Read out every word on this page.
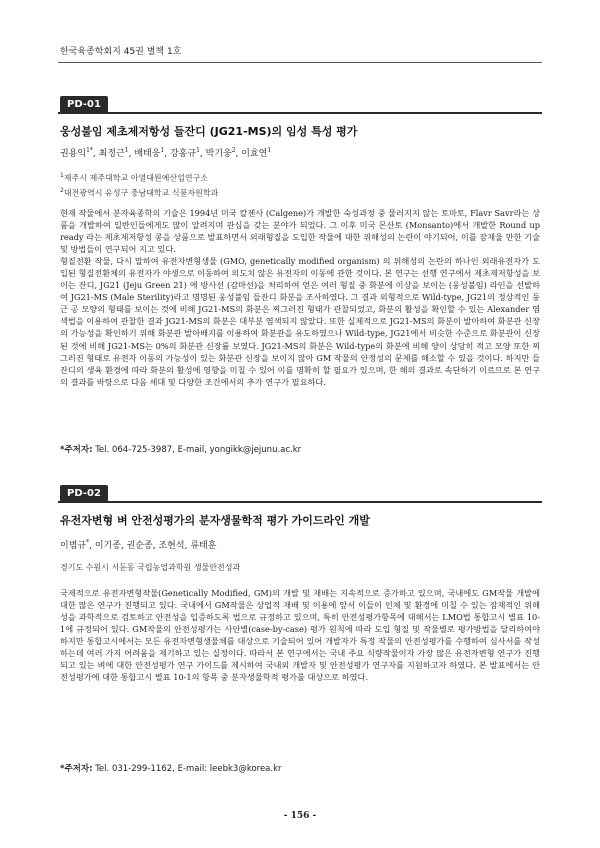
한국육종학회지 45권 별책 1호
PD-01
웅성불임 제초제저항성 들잔디 (JG21-MS)의 임성 특성 평가
권용익$^{1*}$, 최정근$^1$, 배태웅$^1$, 강홍규$^1$, 박기웅$^2$, 이효연$^1$
$^1$제주시 제주대학교 아열대원예산업연구소
$^2$대전광역시 유성구 충남대학교 식물자원학과

현재 작물에서 분자육종학의 기술은 1994년 미국 칼젠사 (Calgene)가 개발한 숙성과정 중 물러지지 않는 토마토, Flavr Savr라는 상품을 개발하여 일반인들에게도 많이 알려지며 관심을 갖는 분야가 되었다. 그 이후 미국 몬산토 (Monsanto)에서 개발한 Round up ready 라는 제초제저항성 콩을 상품으로 발표하면서 외래형질을 도입한 작물에 대한 위해성의 논란이 야기되어, 이를 잠재울 만한 기술 및 방법들이 연구되어 지고 있다.

형질전환 작물, 다시 말하여 유전자변형생물 (GMO, genetically modified organism) 의 위해성의 논란의 하나인 외래유전자가 도입된 형질전환체의 유전자가 야생으로 이동하여 의도치 않은 유전자의 이동에 관한 것이다. 본 연구는 선행 연구에서 제초제저항성을 보이는 잔디, JG21 (Jeju Green 21) 에 방사선 (감마선)을 처리하여 얻은 여러 형질 중 화분에 이상을 보이는 (웅성불임) 라인을 선발하여 JG21-MS (Male Sterility)라고 명명된 웅성불임 들잔디 화분을 조사하였다. 그 결과 외형적으로 Wild-type, JG21의 정상적인 둥근 공 모양의 형태를 보이는 것에 비해 JG21-MS의 화분은 찌그러진 형태가 관찰되었고, 화분의 활성을 확인할 수 있는 Alexander 염색법을 이용하여 관찰한 결과 JG21-MS의 화분은 대부분 염색되지 않았다. 또한 실제적으로 JG21-MS의 화분이 발아하여 화분관 신장의 가능성을 확인하기 위해 화분관 발아배지를 이용하여 화분관을 유도하였으나 Wild-type, JG21에서 비슷한 수준으로 화분관이 신장된 것에 비해 JG21-MS는 0%의 화분관 신장률 보였다. JG21-MS의 화분은 Wild-type의 화분에 비해 양이 상당히 적고 모양 또한 찌그러진 형태로 유전자 이동의 가능성이 있는 화분관 신장을 보이지 않아 GM 작물의 안정성의 문제를 해소할 수 있을 것이다. 하지만 들잔디의 생육 환경에 따라 화분의 활성에 영향을 미칠 수 있어 이를 명확히 할 필요가 있으며, 한 해의 결과로 속단하기 이르므로 본 연구의 결과를 바탕으로 다음 세대 및 다양한 조건에서의 추가 연구가 필요하다.

*주저자: Tel. 064-725-3987, E-mail, yongikk@jejunu.ac.kr
PD-02
유전자변형 벼 안전성평가의 분자생물학적 평가 가이드라인 개발
이범규*, 이기종, 권순종, 조현석, 류태훈
경기도 수원시 서둔동 국립농업과학원 생물안전성과

국제적으로 유전자변형작물(Genetically Modified, GM)의 개발 및 재배는 지속적으로 증가하고 있으며, 국내에도 GM작물 개발에 대한 많은 연구가 진행되고 있다. 국내에서 GM작물은 상업적 재배 및 이용에 앞서 이들이 인체 및 환경에 미칠 수 있는 잠재적인 위해성을 과학적으로 검토하고 안전성을 입증하도록 법으로 규정하고 있으며, 특히 안전성평가항목에 대해서는 LMO법 통합고시 별표 10-1에 규정되어 있다. GM작물의 안전성평가는 사안별(case-by-case) 평가 원칙에 따라 도입 형질 및 작물별로 평가방법을 달리하여야 하지만 통합고시에서는 모든 유전자변형생물체를 대상으로 기술되어 있어 개발자가 특정 작물의 안전성평가를 수행하여 심사서를 작성하는데 여러 가지 어려움을 제기하고 있는 실정이다. 따라서 본 연구에서는 국내 주요 식량작물이자 가장 많은 유전자변형 연구가 진행되고 있는 벼에 대한 안전성평가 연구 가이드를 제시하여 국내외 개발자 및 안전성평가 연구자를 지원하고자 하였다. 본 발표에서는 안전성평가에 대한 통합고시 별표 10-1의 항목 중 분자생물학적 평가를 대상으로 하였다.

*주저자: Tel. 031-299-1162, E-mail: leebk3@korea.kr
- 156 -
